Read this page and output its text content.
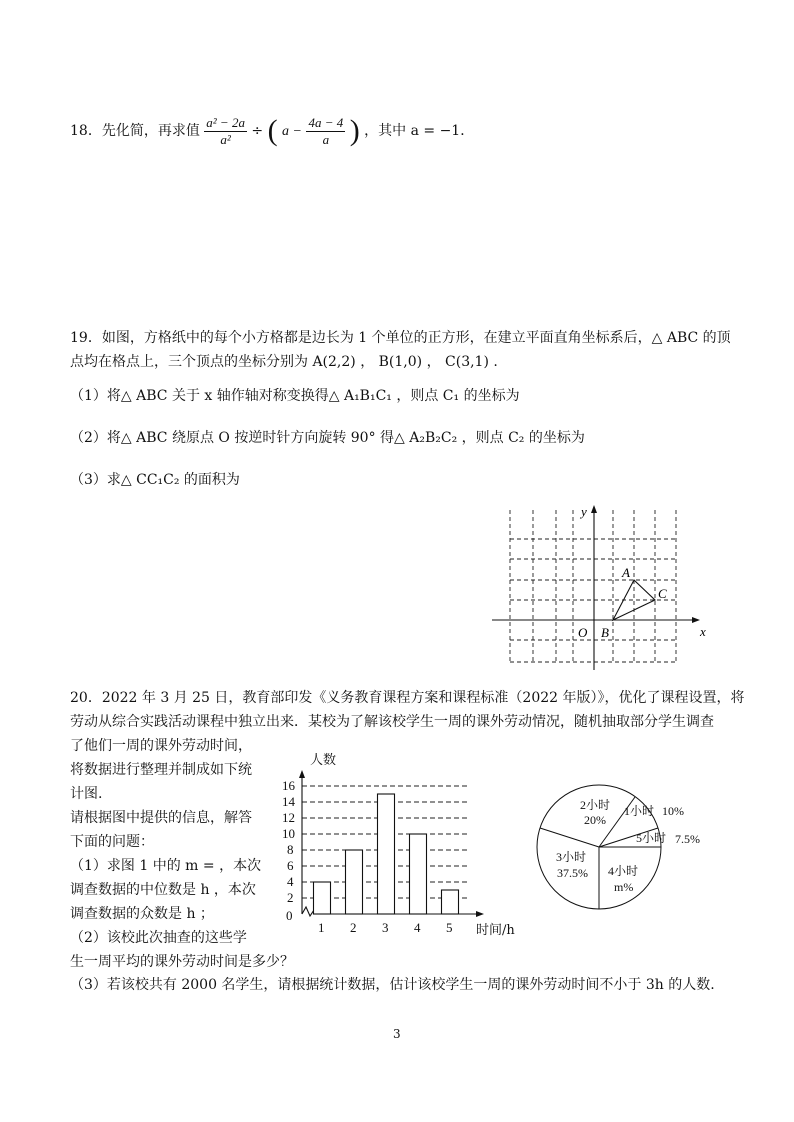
18．先化简，再求值 $\frac{\text{a² − 2a}}{\text{a²}}$ ÷ ( $a - \frac{4a - 4}{a}$ ) ，其中 a = −1．
19．如图，方格纸中的每个小方格都是边长为 1 个单位的正方形，在建立平面直角坐标系后，△ ABC 的顶
点均在格点上，三个顶点的坐标分别为 A(2,2) ， B(1,0) ， C(3,1) .
（1）将△ ABC 关于 x 轴作轴对称变换得△ A₁B₁C₁ ，则点 C₁ 的坐标为
（2）将△ ABC 绕原点 O 按逆时针方向旋转 90° 得△ A₂B₂C₂ ，则点 C₂ 的坐标为
（3）求△ CC₁C₂ 的面积为
y
x
O
A
B
C
20．2022 年 3 月 25 日，教育部印发《义务教育课程方案和课程标准（2022 年版）》，优化了课程设置，将
劳动从综合实践活动课程中独立出来．某校为了解该校学生一周的课外劳动情况，随机抽取部分学生调查
了他们一周的课外劳动时间，
将数据进行整理并制成如下统
计图.
请根据图中提供的信息，解答
下面的问题：
（1）求图 1 中的 m = ，本次
调查数据的中位数是 h ，本次
调查数据的众数是 h ；
（2）该校此次抽查的这些学
生一周平均的课外劳动时间是多少？
0
2
4
6
8
10
12
14
16
人数
1 2 3 4 5 时间/h
2小时
20%
1小时 10%
5小时 7.5%
3小时
37.5% 4小时
m%
（3）若该校共有 2000 名学生，请根据统计数据，估计该校学生一周的课外劳动时间不小于 3h 的人数.
3
